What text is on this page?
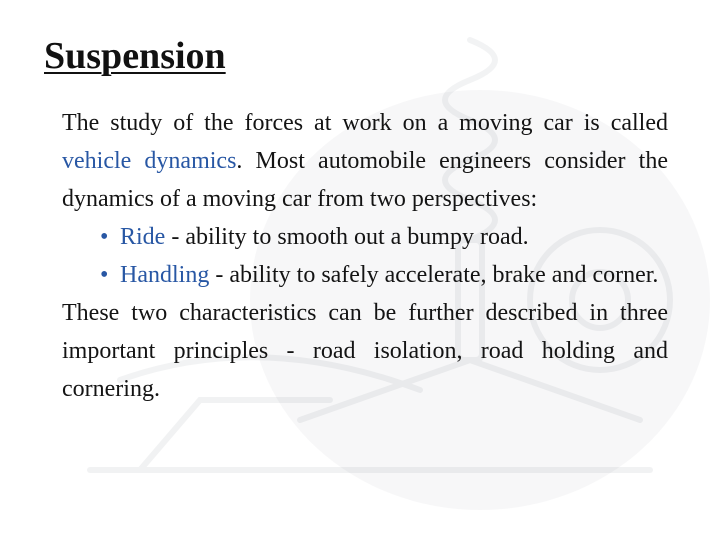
Suspension

The study of the forces at work on a moving car is called vehicle dynamics. Most automobile engineers consider the dynamics of a moving car from two perspectives:

• Ride - ability to smooth out a bumpy road.
• Handling - ability to safely accelerate, brake and corner.

These two characteristics can be further described in three important principles - road isolation, road holding and cornering.
